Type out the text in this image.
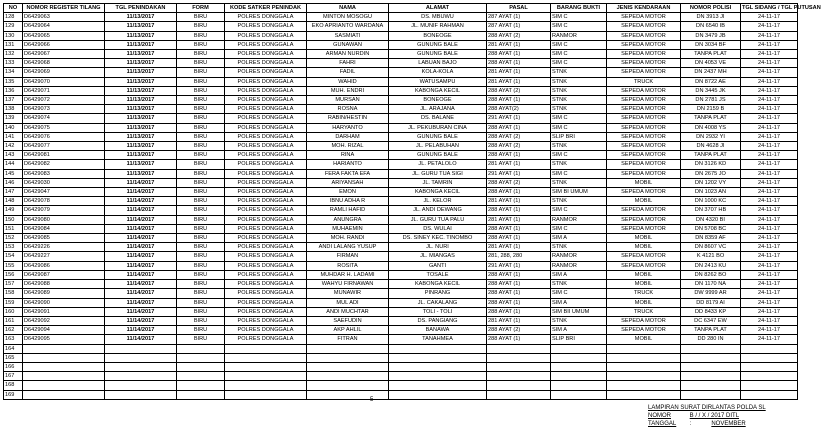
NO	NOMOR REGISTER TILANG	TGL PENINDAKAN	FORM	KODE SATKER PENINDAK	NAMA	ALAMAT	PASAL	BARANG BUKTI	JENIS KENDARAAN	NOMOR POLISI	TGL SIDANG / TGL PUTUSAN
128	D6429063	11/13/2017	BIRU	POLRES DONGGALA	MINTON MOSOGU	DS. MBUWU	287 AYAT (1)	SIM C	SEPEDA MOTOR	DN 3913 JI	24-11-17
129	D6429064	11/13/2017	BIRU	POLRES DONGGALA	EKO APRIANTO WARDANA	JL. MUNIF RAHMAN	287 AYAT (1)	SIM C	SEPEDA MOTOR	DN 6540 IB	24-11-17
130	D6429065	11/13/2017	BIRU	POLRES DONGGALA	SASMIATI	BONEOGE	288 AYAT (2)	RANMOR	SEPEDA MOTOR	DN 3479 JB	24-11-17
131	D6429066	11/13/2017	BIRU	POLRES DONGGALA	GUNAWAN	GUNUNG BALE	281 AYAT (1)	SIM C	SEPEDA MOTOR	DN 3034 BF	24-11-17
132	D6429067	11/13/2017	BIRU	POLRES DONGGALA	ARMAN NURDIN	GUNUNG BALE	288 AYAT (1)	SIM C	SEPEDA MOTOR	TANPA PLAT	24-11-17
133	D6429068	11/13/2017	BIRU	POLRES DONGGALA	FAHRI	LABUAN BAJO	288 AYAT (1)	SIM C	SEPEDA MOTOR	DN 4053 VE	24-11-17
134	D6429069	11/13/2017	BIRU	POLRES DONGGALA	FADIL	KOLA-KOLA	281 AYAT (1)	STNK	SEPEDA MOTOR	DN 2437 MH	24-11-17
135	D6429070	11/13/2017	BIRU	POLRES DONGGALA	WAHID	WATUSAMPU	281 AYAT (1)	STNK	TRUCK	DN 8722 AE	24-11-17
136	D6429071	11/13/2017	BIRU	POLRES DONGGALA	MUH. ENDRI	KABONGA KECIL	288 AYAT (2)	STNK	SEPEDA MOTOR	DN 3445 JK	24-11-17
137	D6429072	11/13/2017	BIRU	POLRES DONGGALA	MURSAN	BONEOGE	288 AYAT (1)	STNK	SEPEDA MOTOR	DN 2781 JS	24-11-17
138	D6429073	11/13/2017	BIRU	POLRES DONGGALA	ROSNA	JL. ARAJANA	288 AYAT(2)	STNK	SEPEDA MOTOR	DN 2159 B	24-11-17
139	D6429074	11/13/2017	BIRU	POLRES DONGGALA	RABIN/HESTIN	DS. BALANE	291 AYAT (1)	SIM C	SEPEDA MOTOR	TANPA PLAT	24-11-17
140	D6429075	11/13/2017	BIRU	POLRES DONGGALA	HARYANTO	JL. PEKUBURAN CINA	288 AYAT (1)	SIM C	SEPEDA MOTOR	DN 4008 YS	24-11-17
141	D6429076	11/13/2017	BIRU	POLRES DONGGALA	DARHAM	GUNUNG BALE	288 AYAT (2)	SLIP BRI	SEPEDA MOTOR	DN 2932 YI	24-11-17
142	D6429077	11/13/2017	BIRU	POLRES DONGGALA	MOH. RIZAL	JL. PELABUHAN	288 AYAT (2)	STNK	SEPEDA MOTOR	DN 4628 JI	24-11-17
143	D6429081	11/13/2017	BIRU	POLRES DONGGALA	RINA	GUNUNG BALE	288 AYAT (1)	SIM C	SEPEDA MOTOR	TANPA PLAT	24-11-17
144	D6429082	11/13/2017	BIRU	POLRES DONGGALA	HARIANTO	JL. PETALOLO	281 AYAT (1)	STNK	SEPEDA MOTOR	DN 3126 KD	24-11-17
145	D6429083	11/13/2017	BIRU	POLRES DONGGALA	FERA FAKTA EFA	JL. GURU TUA SIGI	291 AYAT (1)	SIM C	SEPEDA MOTOR	DN 2675 JO	24-11-17
146	D6429030	11/14/2017	BIRU	POLRES DONGGALA	ARIYANSAH	JL. TAMRIN	288 AYAT (2)	STNK	MOBIL	DN 1202 VY	24-11-17
147	D6429047	11/14/2017	BIRU	POLRES DONGGALA	EMON	KABONGA KECIL	288 AYAT (1)	SIM BI UMUM	SEPEDA MOTOR	DN 1023 AN	24-11-17
148	D6429078	11/14/2017	BIRU	POLRES DONGGALA	IBNU ADHA R	JL. KELOR	281 AYAT (1)	STNK	MOBIL	DN 1000 KC	24-11-17
149	D6429079	11/14/2017	BIRU	POLRES DONGGALA	RAMLI HAFID	JL. ANDI DEWANG	288 AYAT (1)	SIM C	SEPEDA MOTOR	DN 3707 HB	24-11-17
150	D6429080	11/14/2017	BIRU	POLRES DONGGALA	ANUNGRA	JL. GURU TUA PALU	281 AYAT (1)	RANMOR	SEPEDA MOTOR	DN 4320 BI	24-11-17
151	D6429084	11/14/2017	BIRU	POLRES DONGGALA	MUHAEMIN	DS. WULAI	288 AYAT (1)	SIM C	SEPEDA MOTOR	DN 5708 BC	24-11-17
152	D6429085	11/14/2017	BIRU	POLRES DONGGALA	MOH. RANDI	DS. SINEY KEC. TINOMBO	288 AYAT (1)	SIM A	MOBIL	DN 8359 AF	24-11-17
153	D6429226	11/14/2017	BIRU	POLRES DONGGALA	ANDI LALANG YUSUP	JL. NURI	281 AYAT (1)	STNK	MOBIL	DN 8607 VC	24-11-17
154	D6429227	11/14/2017	BIRU	POLRES DONGGALA	FIRMAN	JL. MIANGAS	281, 288, 280	RANMOR	SEPEDA MOTOR	K 4121 BO	24-11-17
155	D6429086	11/14/2017	BIRU	POLRES DONGGALA	ROSITA	GANTI	291 AYAT (1)	RANMOR	SEPEDA MOTOR	DN 2413 KU	24-11-17
156	D6429087	11/14/2017	BIRU	POLRES DONGGALA	MUHDAR H. LADAMI	TOSALE	288 AYAT (1)	SIM A	MOBIL	DN 8262 BO	24-11-17
157	D6429088	11/14/2017	BIRU	POLRES DONGGALA	WAHYU FIRNAWAN	KABONGA KECIL	288 AYAT (1)	STNK	MOBIL	DN 1170 NA	24-11-17
158	D6429089	11/14/2017	BIRU	POLRES DONGGALA	MUNAWIR	PINRANG	288 AYAT (1)	SIM C	TRUCK	DW 9999 AR	24-11-17
159	D6429090	11/14/2017	BIRU	POLRES DONGGALA	MUL ADI	JL. CAKALANG	288 AYAT (1)	SIM A	MOBIL	DD 8179 AI	24-11-17
160	D6429091	11/14/2017	BIRU	POLRES DONGGALA	ANDI MUCHTAR	TOLI - TOLI	288 AYAT (1)	SIM BII UMUM	TRUCK	DD 8433 KP	24-11-17
161	D6429092	11/14/2017	BIRU	POLRES DONGGALA	SAEFUDIN	DS. PANGIANG	281 AYAT (1)	STNK	SEPEDA MOTOR	DC 6347 EW	24-11-17
162	D6429094	11/14/2017	BIRU	POLRES DONGGALA	AKP AHLIL	BANAWA	288 AYAT (2)	SIM A	SEPEDA MOTOR	TANPA PLAT	24-11-17
163	D6429095	11/14/2017	BIRU	POLRES DONGGALA	FITRAN	TANAHMEA	288 AYAT (1)	SLIP BRI	MOBIL	DD 280 IN	24-11-17
164											
165											
166											
167											
168											
169											
5
LAMPIRAN SURAT DIRLANTAS POLDA SL
NOMOR	B / / X / 2017 DITL
TANGGAL :	NOVEMBER
